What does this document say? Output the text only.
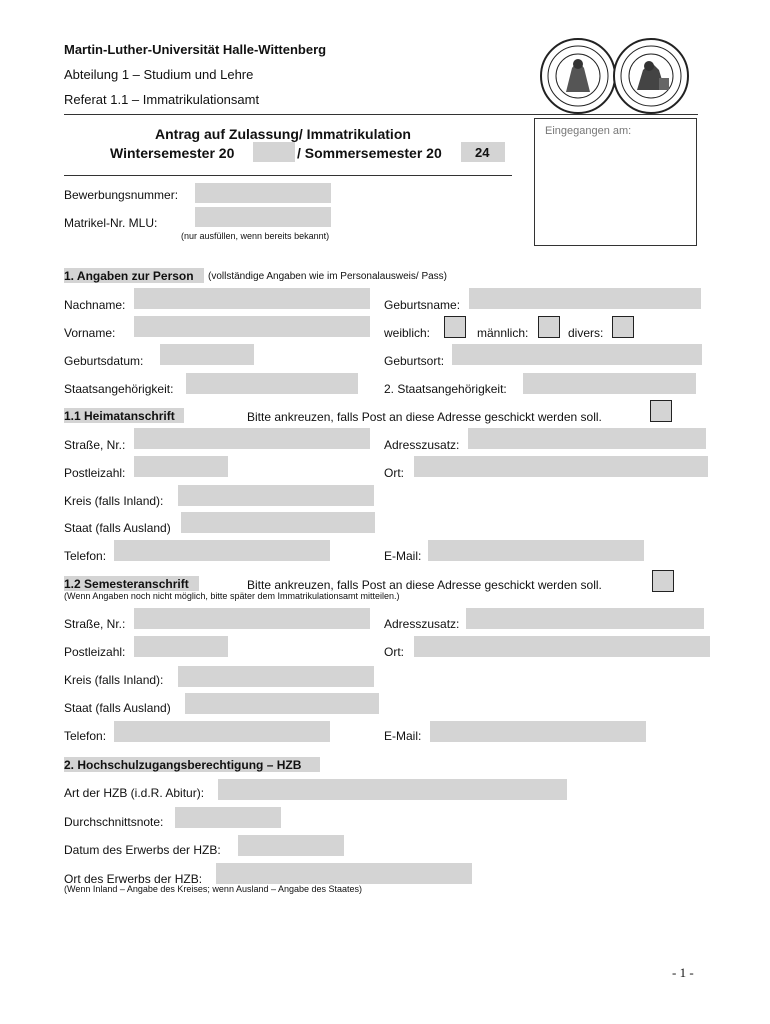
Martin-Luther-Universität Halle-Wittenberg
Abteilung 1 – Studium und Lehre
Referat 1.1 – Immatrikulationsamt
Eingegangen am:
Antrag auf Zulassung/ Immatrikulation
Wintersemester 20	/ Sommersemester 20	24
Bewerbungsnummer:
Matrikel-Nr. MLU:
(nur ausfüllen, wenn bereits bekannt)
1. Angaben zur Person (vollständige Angaben wie im Personalausweis/ Pass)
Nachname:	Geburtsname:
Vorname:	weiblich:	männlich:	divers:
Geburtsdatum:	Geburtsort:
Staatsangehörigkeit:	2. Staatsangehörigkeit:
1.1 Heimatanschrift	Bitte ankreuzen, falls Post an diese Adresse geschickt werden soll.
Straße, Nr.:	Adresszusatz:
Postleizahl:	Ort:
Kreis (falls Inland):
Staat (falls Ausland)
Telefon:	E-Mail:
1.2 Semesteranschrift	Bitte ankreuzen, falls Post an diese Adresse geschickt werden soll.
(Wenn Angaben noch nicht möglich, bitte später dem Immatrikulationsamt mitteilen.)
Straße, Nr.:	Adresszusatz:
Postleizahl:	Ort:
Kreis (falls Inland):
Staat (falls Ausland)
Telefon:	E-Mail:
2. Hochschulzugangsberechtigung – HZB
Art der HZB (i.d.R. Abitur):
Durchschnittsnote:
Datum des Erwerbs der HZB:
Ort des Erwerbs der HZB:
(Wenn Inland – Angabe des Kreises; wenn Ausland – Angabe des Staates)
- 1 -
